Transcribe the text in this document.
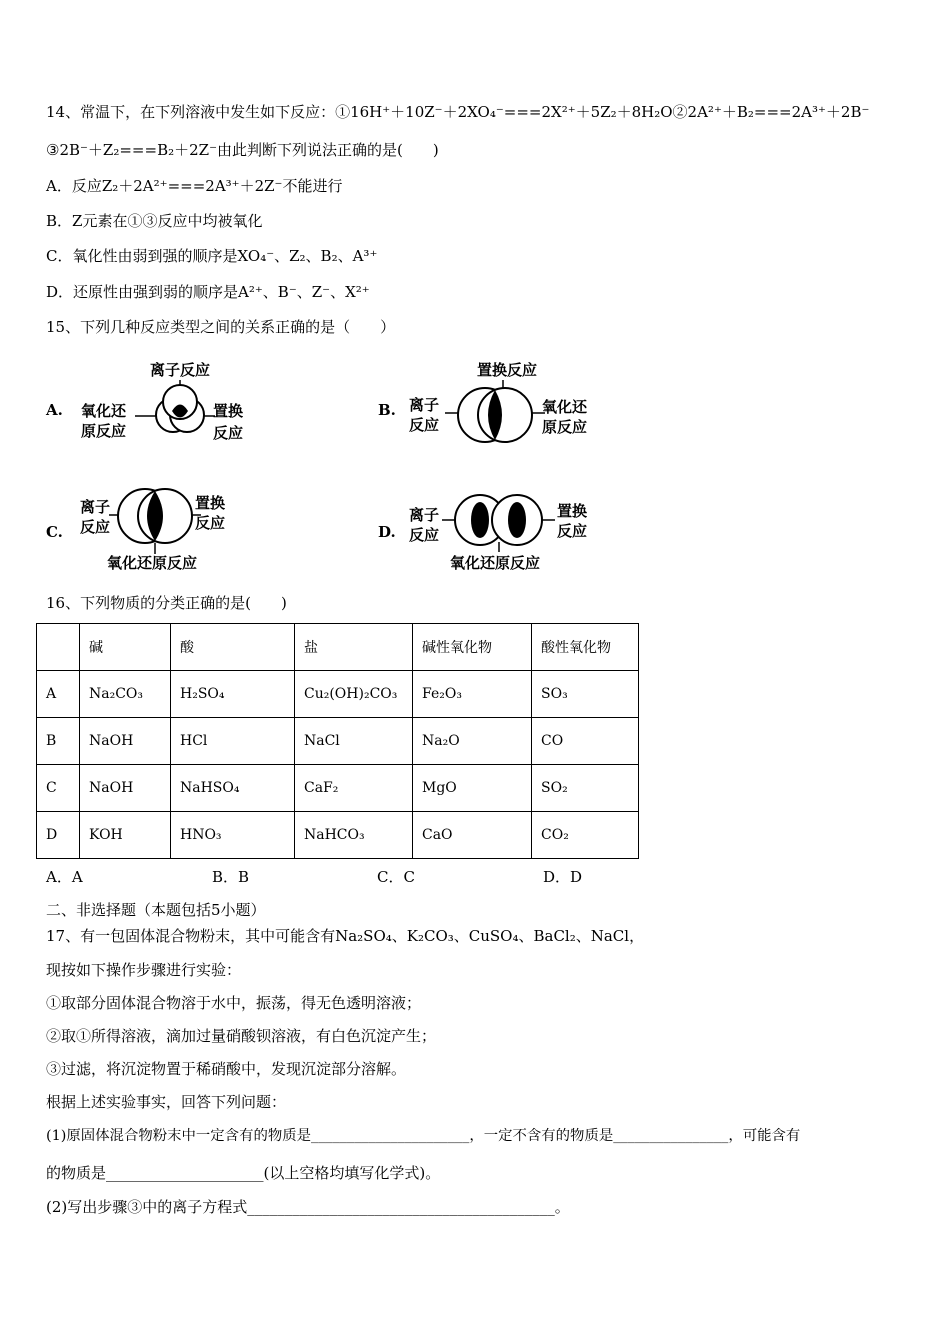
14、常温下，在下列溶液中发生如下反应：①16H⁺＋10Z⁻＋2XO₄⁻===2X²⁺＋5Z₂＋8H₂O②2A²⁺＋B₂===2A³⁺＋2B⁻
③2B⁻＋Z₂===B₂＋2Z⁻由此判断下列说法正确的是(　　)
A．反应Z₂＋2A²⁺===2A³⁺＋2Z⁻不能进行
B．Z元素在①③反应中均被氧化
C．氧化性由弱到强的顺序是XO₄⁻、Z₂、B₂、A³⁺
D．还原性由强到弱的顺序是A²⁺、B⁻、Z⁻、X²⁺
15、下列几种反应类型之间的关系正确的是（　　）
A.	B.
C.	D.
离子反应
氧化还
原反应
置换
反应
置换反应
离子
反应
氧化还
原反应
离子
反应
置换
反应
氧化还原反应
离子
反应
置换
反应
氧化还原反应
16、下列物质的分类正确的是(　　)
	碱	酸	盐	碱性氧化物	酸性氧化物
A	Na₂CO₃	H₂SO₄	Cu₂(OH)₂CO₃	Fe₂O₃	SO₃
B	NaOH	HCl	NaCl	Na₂O	CO
C	NaOH	NaHSO₄	CaF₂	MgO	SO₂
D	KOH	HNO₃	NaHCO₃	CaO	CO₂
A．A	B．B	C．C	D．D
二、非选择题（本题包括5小题）
17、有一包固体混合物粉末，其中可能含有Na₂SO₄、K₂CO₃、CuSO₄、BaCl₂、NaCl，
现按如下操作步骤进行实验：
①取部分固体混合物溶于水中，振荡，得无色透明溶液；
②取①所得溶液，滴加过量硝酸钡溶液，有白色沉淀产生；
③过滤，将沉淀物置于稀硝酸中，发现沉淀部分溶解。
根据上述实验事实，回答下列问题：
(1)原固体混合物粉末中一定含有的物质是______________________，一定不含有的物质是________________，可能含有
的物质是_____________________(以上空格均填写化学式)。
(2)写出步骤③中的离子方程式_________________________________________。
